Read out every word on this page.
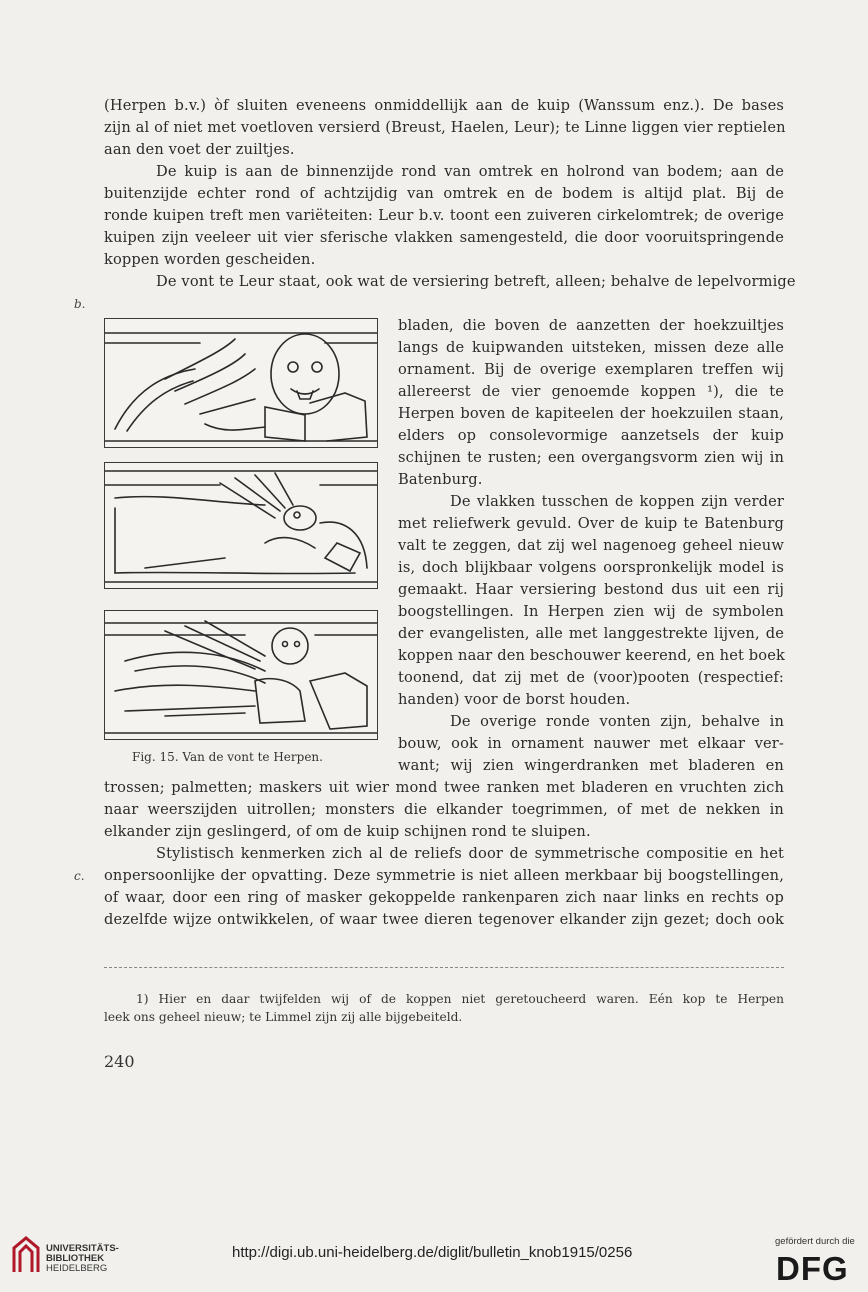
b.
c.
(Herpen b.v.) òf sluiten eveneens onmiddellijk aan de kuip (Wanssum enz.). De bases
zijn al of niet met voetloven versierd (Breust, Haelen, Leur); te Linne liggen vier reptielen
aan den voet der zuiltjes.
De kuip is aan de binnenzijde rond van omtrek en holrond van bodem; aan de
buitenzijde echter rond of achtzijdig van omtrek en de bodem is altijd plat. Bij de
ronde kuipen treft men variëteiten: Leur b.v. toont een zuiveren cirkelomtrek; de overige
kuipen zijn veeleer uit vier sferische vlakken samengesteld, die door vooruitspringende
koppen worden gescheiden.
De vont te Leur staat, ook wat de versiering betreft, alleen; behalve de lepelvormige
Fig. 15. Van de vont te Herpen.
bladen, die boven de aanzetten der hoekzuiltjes
langs de kuipwanden uitsteken, missen deze alle
ornament. Bij de overige exemplaren treffen wij
allereerst de vier genoemde koppen ¹), die te
Herpen boven de kapiteelen der hoekzuilen staan,
elders op consolevormige aanzetsels der kuip
schijnen te rusten; een overgangsvorm zien wij in
Batenburg.
De vlakken tusschen de koppen zijn verder
met reliefwerk gevuld. Over de kuip te Batenburg
valt te zeggen, dat zij wel nagenoeg geheel nieuw
is, doch blijkbaar volgens oorspronkelijk model is
gemaakt. Haar versiering bestond dus uit een rij
boogstellingen. In Herpen zien wij de symbolen
der evangelisten, alle met langgestrekte lijven, de
koppen naar den beschouwer keerend, en het boek
toonend, dat zij met de (voor)pooten (respectief:
handen) voor de borst houden.
De overige ronde vonten zijn, behalve in
bouw, ook in ornament nauwer met elkaar ver-
want; wij zien wingerdranken met bladeren en
trossen; palmetten; maskers uit wier mond twee ranken met bladeren en vruchten zich
naar weerszijden uitrollen; monsters die elkander toegrimmen, of met de nekken in
elkander zijn geslingerd, of om de kuip schijnen rond te sluipen.
Stylistisch kenmerken zich al de reliefs door de symmetrische compositie en het
onpersoonlijke der opvatting. Deze symmetrie is niet alleen merkbaar bij boogstellingen,
of waar, door een ring of masker gekoppelde rankenparen zich naar links en rechts op
dezelfde wijze ontwikkelen, of waar twee dieren tegenover elkander zijn gezet; doch ook
1) Hier en daar twijfelden wij of de koppen niet geretoucheerd waren. Eén kop te Herpen
leek ons geheel nieuw; te Limmel zijn zij alle bijgebeiteld.
240
UNIVERSITÄTS-
BIBLIOTHEK
HEIDELBERG
http://digi.ub.uni-heidelberg.de/diglit/bulletin_knob1915/0256
gefördert durch die
DFG
